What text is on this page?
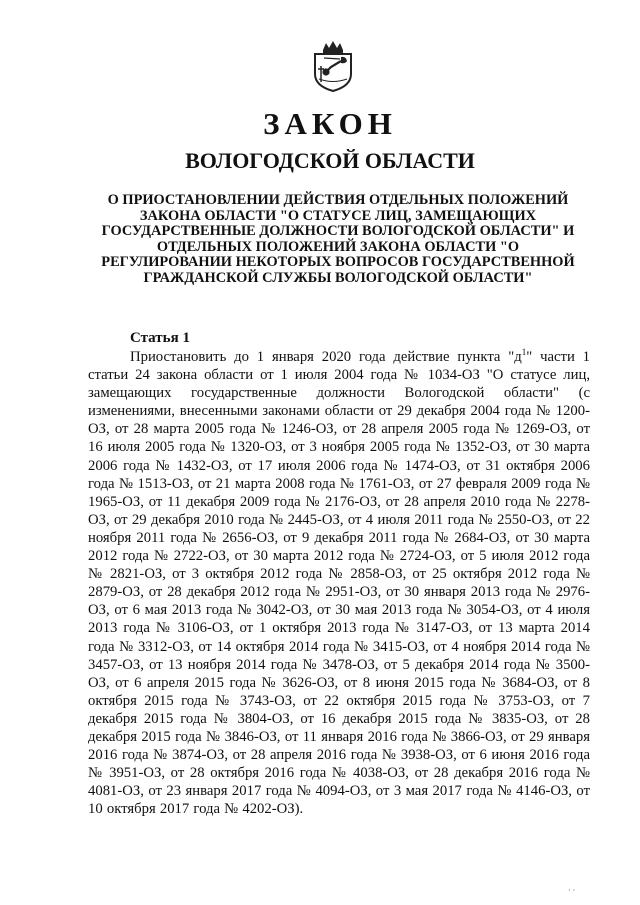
ЗАКОН
ВОЛОГОДСКОЙ ОБЛАСТИ

О ПРИОСТАНОВЛЕНИИ ДЕЙСТВИЯ ОТДЕЛЬНЫХ ПОЛОЖЕНИЙ ЗАКОНА ОБЛАСТИ "О СТАТУСЕ ЛИЦ, ЗАМЕЩАЮЩИХ ГОСУДАРСТВЕННЫЕ ДОЛЖНОСТИ ВОЛОГОДСКОЙ ОБЛАСТИ" И ОТДЕЛЬНЫХ ПОЛОЖЕНИЙ ЗАКОНА ОБЛАСТИ "О РЕГУЛИРОВАНИИ НЕКОТОРЫХ ВОПРОСОВ ГОСУДАРСТВЕННОЙ ГРАЖДАНСКОЙ СЛУЖБЫ ВОЛОГОДСКОЙ ОБЛАСТИ"

Статья 1

Приостановить до 1 января 2020 года действие пункта "$д^1$" части 1 статьи 24 закона области от 1 июля 2004 года № 1034-ОЗ "О статусе лиц, замещающих государственные должности Вологодской области" (с изменениями, внесенными законами области от 29 декабря 2004 года № 1200-ОЗ, от 28 марта 2005 года № 1246-ОЗ, от 28 апреля 2005 года № 1269-ОЗ, от 16 июля 2005 года № 1320-ОЗ, от 3 ноября 2005 года № 1352-ОЗ, от 30 марта 2006 года № 1432-ОЗ, от 17 июля 2006 года № 1474-ОЗ, от 31 октября 2006 года № 1513-ОЗ, от 21 марта 2008 года № 1761-ОЗ, от 27 февраля 2009 года № 1965-ОЗ, от 11 декабря 2009 года № 2176-ОЗ, от 28 апреля 2010 года № 2278-ОЗ, от 29 декабря 2010 года № 2445-ОЗ, от 4 июля 2011 года № 2550-ОЗ, от 22 ноября 2011 года № 2656-ОЗ, от 9 декабря 2011 года № 2684-ОЗ, от 30 марта 2012 года № 2722-ОЗ, от 30 марта 2012 года № 2724-ОЗ, от 5 июля 2012 года № 2821-ОЗ, от 3 октября 2012 года № 2858-ОЗ, от 25 октября 2012 года № 2879-ОЗ, от 28 декабря 2012 года № 2951-ОЗ, от 30 января 2013 года № 2976-ОЗ, от 6 мая 2013 года № 3042-ОЗ, от 30 мая 2013 года № 3054-ОЗ, от 4 июля 2013 года № 3106-ОЗ, от 1 октября 2013 года № 3147-ОЗ, от 13 марта 2014 года № 3312-ОЗ, от 14 октября 2014 года № 3415-ОЗ, от 4 ноября 2014 года № 3457-ОЗ, от 13 ноября 2014 года № 3478-ОЗ, от 5 декабря 2014 года № 3500-ОЗ, от 6 апреля 2015 года № 3626-ОЗ, от 8 июня 2015 года № 3684-ОЗ, от 8 октября 2015 года № 3743-ОЗ, от 22 октября 2015 года № 3753-ОЗ, от 7 декабря 2015 года № 3804-ОЗ, от 16 декабря 2015 года № 3835-ОЗ, от 28 декабря 2015 года № 3846-ОЗ, от 11 января 2016 года № 3866-ОЗ, от 29 января 2016 года № 3874-ОЗ, от 28 апреля 2016 года № 3938-ОЗ, от 6 июня 2016 года № 3951-ОЗ, от 28 октября 2016 года № 4038-ОЗ, от 28 декабря 2016 года № 4081-ОЗ, от 23 января 2017 года № 4094-ОЗ, от 3 мая 2017 года № 4146-ОЗ, от 10 октября 2017 года № 4202-ОЗ).

· ·
